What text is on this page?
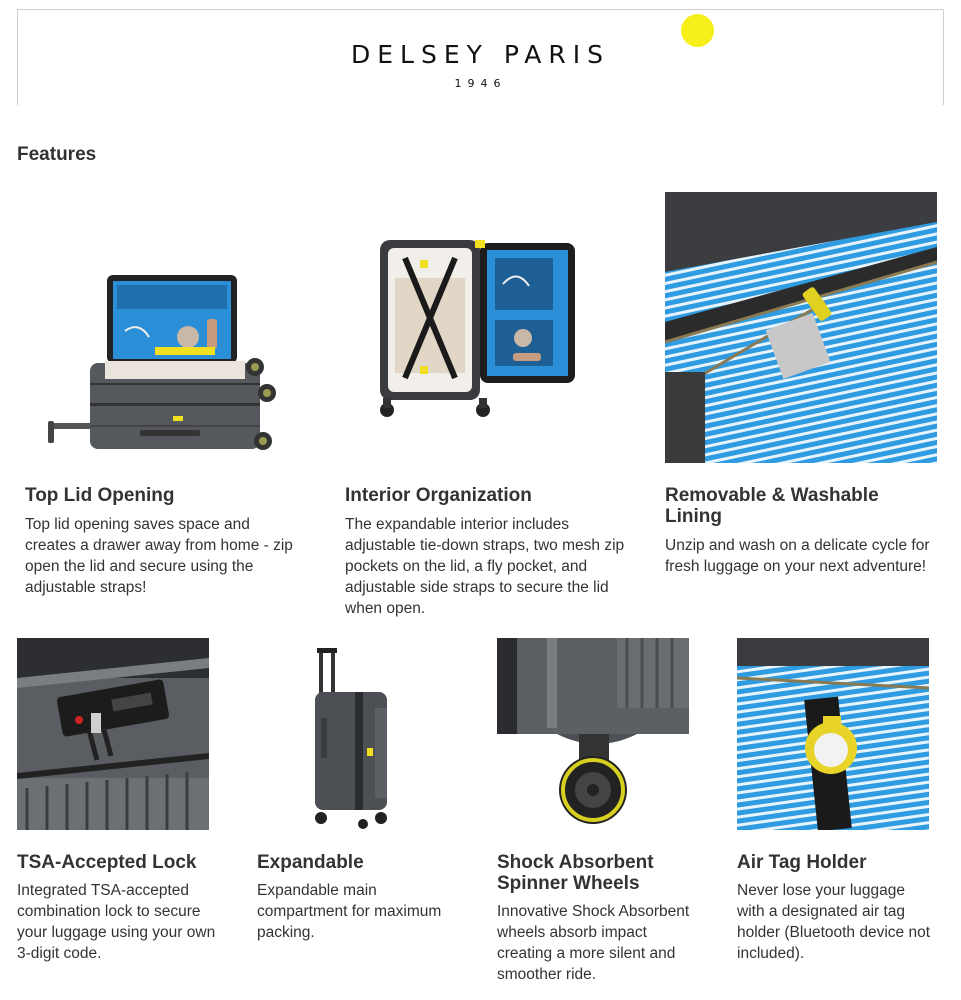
DELSEY PARIS
1946
Features
Top Lid Opening

Top lid opening saves space and creates a drawer away from home - zip open the lid and secure using the adjustable straps!

Interior Organization

The expandable interior includes adjustable tie-down straps, two mesh zip pockets on the lid, a fly pocket, and adjustable side straps to secure the lid when open.

Removable & Washable Lining

Unzip and wash on a delicate cycle for fresh luggage on your next adventure!

TSA-Accepted Lock

Integrated TSA-accepted combination lock to secure your luggage using your own 3-digit code.

Expandable

Expandable main compartment for maximum packing.

Shock Absorbent Spinner Wheels

Innovative Shock Absorbent wheels absorb impact creating a more silent and smoother ride.

Air Tag Holder

Never lose your luggage with a designated air tag holder (Bluetooth device not included).
